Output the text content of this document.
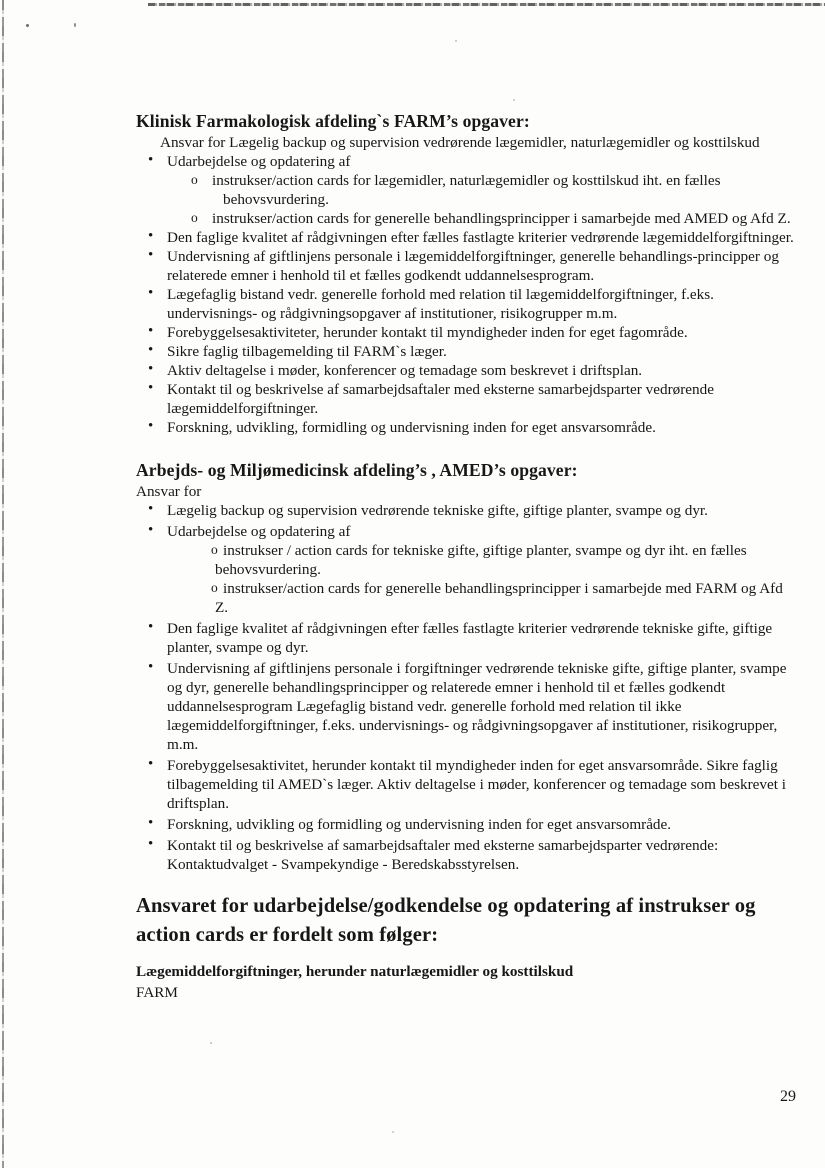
Klinisk Farmakologisk afdeling`s FARM’s opgaver:

Ansvar for Lægelig backup og supervision vedrørende lægemidler, naturlægemidler og kosttilskud

• Udarbejdelse og opdatering af
o instrukser/action cards for lægemidler, naturlægemidler og kosttilskud iht. en fælles behovsvurdering.
o instrukser/action cards for generelle behandlingsprincipper i samarbejde med AMED og Afd Z.
• Den faglige kvalitet af rådgivningen efter fælles fastlagte kriterier vedrørende lægemiddelforgiftninger.
• Undervisning af giftlinjens personale i lægemiddelforgiftninger, generelle behandlings-principper og relaterede emner i henhold til et fælles godkendt uddannelsesprogram.
• Lægefaglig bistand vedr. generelle forhold med relation til lægemiddelforgiftninger, f.eks. undervisnings- og rådgivningsopgaver af institutioner, risikogrupper m.m.
• Forebyggelsesaktiviteter, herunder kontakt til myndigheder inden for eget fagområde.
• Sikre faglig tilbagemelding til FARM`s læger.
• Aktiv deltagelse i møder, konferencer og temadage som beskrevet i driftsplan.
• Kontakt til og beskrivelse af samarbejdsaftaler med eksterne samarbejdsparter vedrørende lægemiddelforgiftninger.
• Forskning, udvikling, formidling og undervisning inden for eget ansvarsområde.
Arbejds- og Miljømedicinsk afdeling’s , AMED’s opgaver:

Ansvar for

• Lægelig backup og supervision vedrørende tekniske gifte, giftige planter, svampe og dyr.
• Udarbejdelse og opdatering af
o instrukser / action cards for tekniske gifte, giftige planter, svampe og dyr iht. en fælles behovsvurdering.
o instrukser/action cards for generelle behandlingsprincipper i samarbejde med FARM og Afd Z.
• Den faglige kvalitet af rådgivningen efter fælles fastlagte kriterier vedrørende tekniske gifte, giftige planter, svampe og dyr.
• Undervisning af giftlinjens personale i forgiftninger vedrørende tekniske gifte, giftige planter, svampe og dyr, generelle behandlingsprincipper og relaterede emner i henhold til et fælles godkendt uddannelsesprogram Lægefaglig bistand vedr. generelle forhold med relation til ikke lægemiddelforgiftninger, f.eks. undervisnings- og rådgivningsopgaver af institutioner, risikogrupper, m.m.
• Forebyggelsesaktivitet, herunder kontakt til myndigheder inden for eget ansvarsområde. Sikre faglig tilbagemelding til AMED`s læger. Aktiv deltagelse i møder, konferencer og temadage som beskrevet i driftsplan.
• Forskning, udvikling og formidling og undervisning inden for eget ansvarsområde.
• Kontakt til og beskrivelse af samarbejdsaftaler med eksterne samarbejdsparter vedrørende: Kontaktudvalget - Svampekyndige - Beredskabsstyrelsen.
Ansvaret for udarbejdelse/godkendelse og opdatering af instrukser og action cards er fordelt som følger:

Lægemiddelforgiftninger, herunder naturlægemidler og kosttilskud

FARM

29
